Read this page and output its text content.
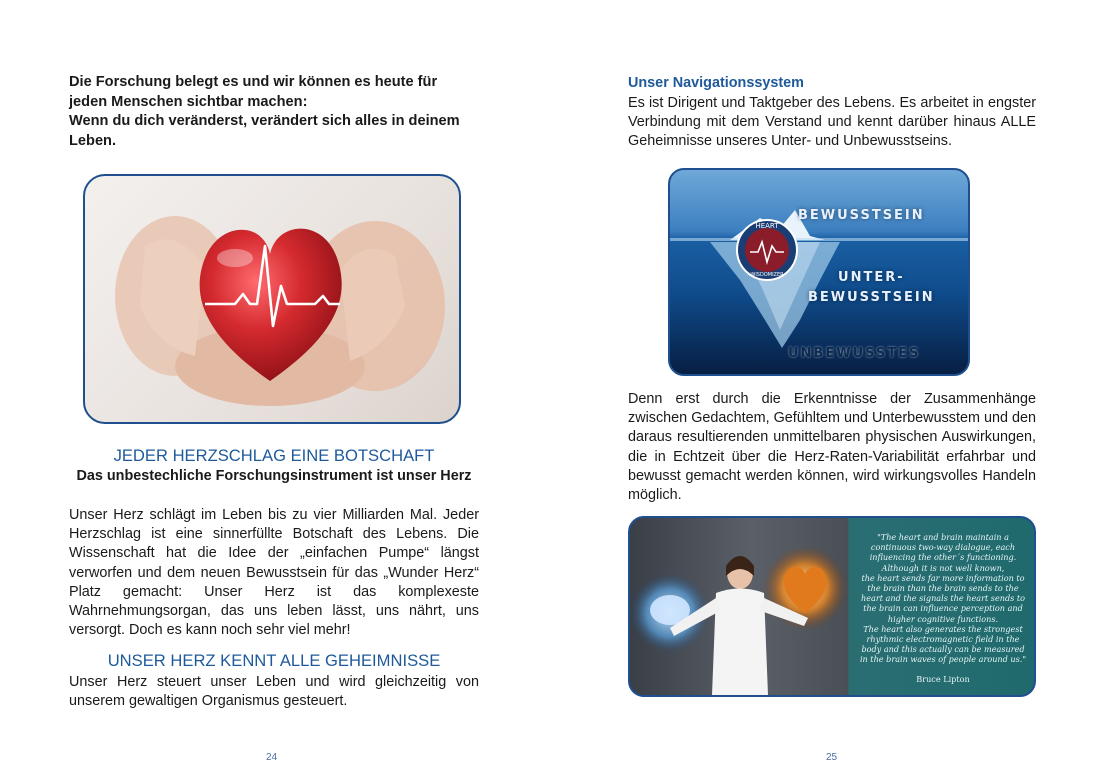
Die Forschung belegt es und wir können es heute für

jeden Menschen sichtbar machen:

Wenn du dich veränderst, verändert sich alles in deinem

Leben.

JEDER HERZSCHLAG EINE BOTSCHAFT
Das unbestechliche Forschungsinstrument ist unser Herz

Unser Herz schlägt im Leben bis zu vier Milliarden Mal. Jeder Herzschlag ist eine sinnerfüllte Botschaft des Lebens. Die Wissenschaft hat die Idee der „einfachen Pumpe“ längst verworfen und dem neuen Bewusstsein für das „Wunder Herz“ Platz gemacht: Unser Herz ist das komplexeste Wahrnehmungsorgan, das uns leben lässt, uns nährt, uns versorgt. Doch es kann noch sehr viel mehr!

UNSER HERZ KENNT ALLE GEHEIMNISSE

Unser Herz steuert unser Leben und wird gleichzeitig von unserem gewaltigen Organismus gesteuert.

24
Unser Navigationssystem

Es ist Dirigent und Taktgeber des Lebens. Es arbeitet in engster Verbindung mit dem Verstand und kennt darüber hinaus ALLE Geheimnisse unseres Unter- und Unbewusstseins.

HEART
WISDOMIZER
BEWUSSTSEIN
UNTER-
BEWUSSTSEIN
UNBEWUSSTES

Denn erst durch die Erkenntnisse der Zusammenhänge zwischen Gedachtem, Gefühltem und Unterbewusstem und den daraus resultierenden unmittelbaren physischen Auswirkungen, die in Echtzeit über die Herz-Raten-Variabilität erfahrbar und bewusst gemacht werden können, wird wirkungsvolles Handeln möglich.

"The heart and brain maintain a
continuous two-way dialogue, each
influencing the other´s functioning.
Although it is not well known,
the heart sends far more information to
the brain than the brain sends to the
heart and the signals the heart sends to
the brain can influence perception and
higher cognitive functions.
The heart also generates the strongest
rhythmic electromagnetic field in the
body and this actually can be measured
in the brain waves of people around us."
Bruce Lipton
25
